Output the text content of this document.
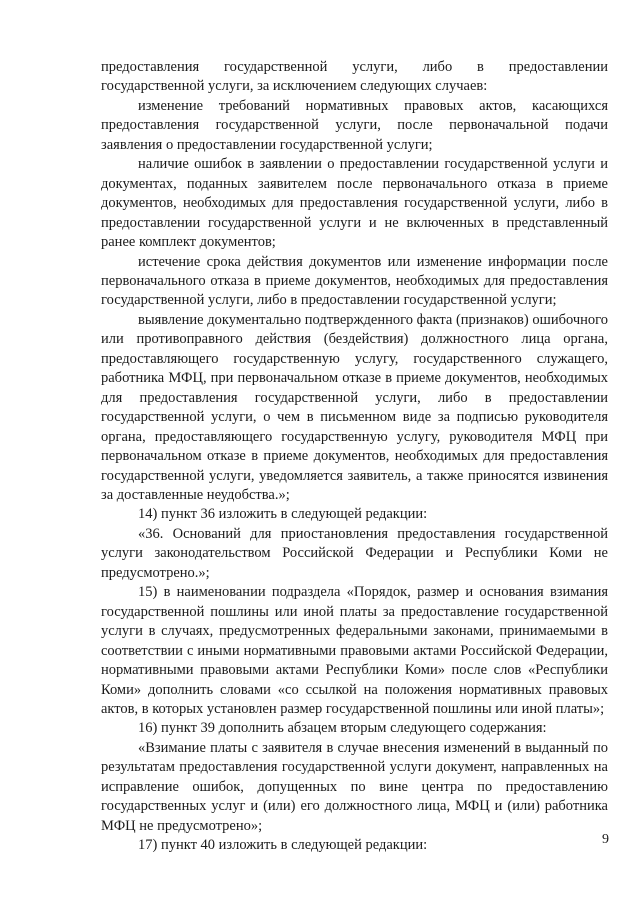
предоставления государственной услуги, либо в предоставлении государственной услуги, за исключением следующих случаев:

изменение требований нормативных правовых актов, касающихся предоставления государственной услуги, после первоначальной подачи заявления о предоставлении государственной услуги;

наличие ошибок в заявлении о предоставлении государственной услуги и документах, поданных заявителем после первоначального отказа в приеме документов, необходимых для предоставления государственной услуги, либо в предоставлении государственной услуги и не включенных в представленный ранее комплект документов;

истечение срока действия документов или изменение информации после первоначального отказа в приеме документов, необходимых для предоставления государственной услуги, либо в предоставлении государственной услуги;

выявление документально подтвержденного факта (признаков) ошибочного или противоправного действия (бездействия) должностного лица органа, предоставляющего государственную услугу, государственного служащего, работника МФЦ, при первоначальном отказе в приеме документов, необходимых для предоставления государственной услуги, либо в предоставлении государственной услуги, о чем в письменном виде за подписью руководителя органа, предоставляющего государственную услугу, руководителя МФЦ при первоначальном отказе в приеме документов, необходимых для предоставления государственной услуги, уведомляется заявитель, а также приносятся извинения за доставленные неудобства.»;

14) пункт 36 изложить в следующей редакции:

«36. Оснований для приостановления предоставления государственной услуги законодательством Российской Федерации и Республики Коми не предусмотрено.»;

15) в наименовании подраздела «Порядок, размер и основания взимания государственной пошлины или иной платы за предоставление государственной услуги в случаях, предусмотренных федеральными законами, принимаемыми в соответствии с иными нормативными правовыми актами Российской Федерации, нормативными правовыми актами Республики Коми» после слов «Республики Коми» дополнить словами «со ссылкой на положения нормативных правовых актов, в которых установлен размер государственной пошлины или иной платы»;

16) пункт 39 дополнить абзацем вторым следующего содержания:

«Взимание платы с заявителя в случае внесения изменений в выданный по результатам предоставления государственной услуги документ, направленных на исправление ошибок, допущенных по вине центра по предоставлению государственных услуг и (или) его должностного лица, МФЦ и (или) работника МФЦ не предусмотрено»;

17) пункт 40 изложить в следующей редакции:	9
